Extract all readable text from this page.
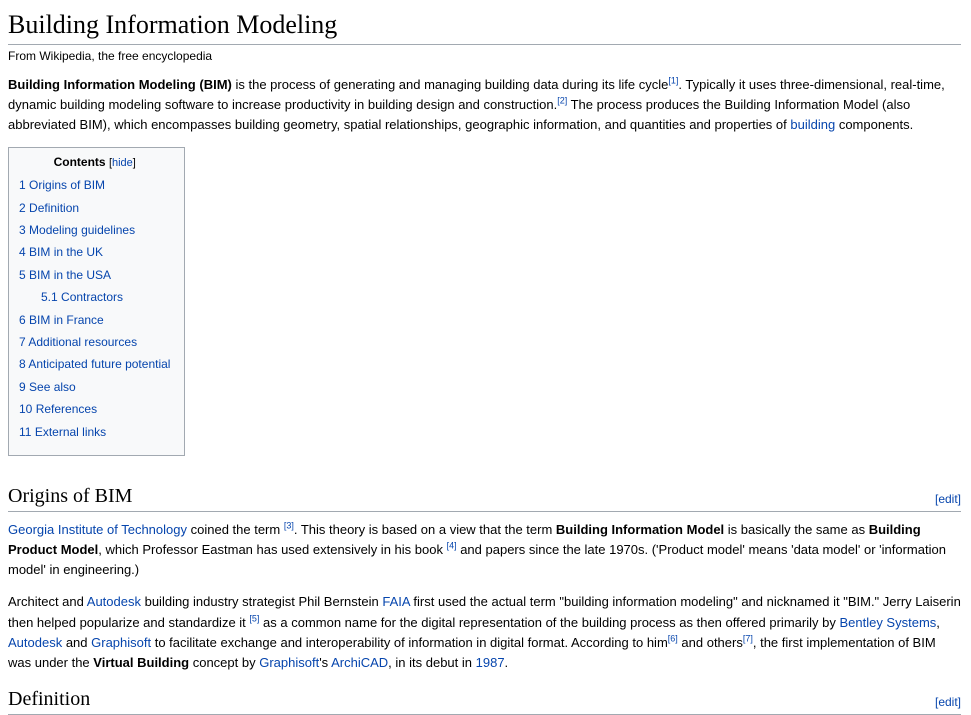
Building Information Modeling
From Wikipedia, the free encyclopedia

Building Information Modeling (BIM) is the process of generating and managing building data during its life cycle[1]. Typically it uses three-dimensional, real-time, dynamic building modeling software to increase productivity in building design and construction.[2] The process produces the Building Information Model (also abbreviated BIM), which encompasses building geometry, spatial relationships, geographic information, and quantities and properties of building components.

Contents [hide]
1 Origins of BIM
2 Definition
3 Modeling guidelines
4 BIM in the UK
5 BIM in the USA
5.1 Contractors
6 BIM in France
7 Additional resources
8 Anticipated future potential
9 See also
10 References
11 External links
Origins of BIM	[edit]

Georgia Institute of Technology coined the term [3]. This theory is based on a view that the term Building Information Model is basically the same as Building Product Model, which Professor Eastman has used extensively in his book [4] and papers since the late 1970s. ('Product model' means 'data model' or 'information model' in engineering.)

Architect and Autodesk building industry strategist Phil Bernstein FAIA first used the actual term "building information modeling" and nicknamed it "BIM." Jerry Laiserin then helped popularize and standardize it [5] as a common name for the digital representation of the building process as then offered primarily by Bentley Systems, Autodesk and Graphisoft to facilitate exchange and interoperability of information in digital format. According to him[6] and others[7], the first implementation of BIM was under the Virtual Building concept by Graphisoft's ArchiCAD, in its debut in 1987.

Definition	[edit]
